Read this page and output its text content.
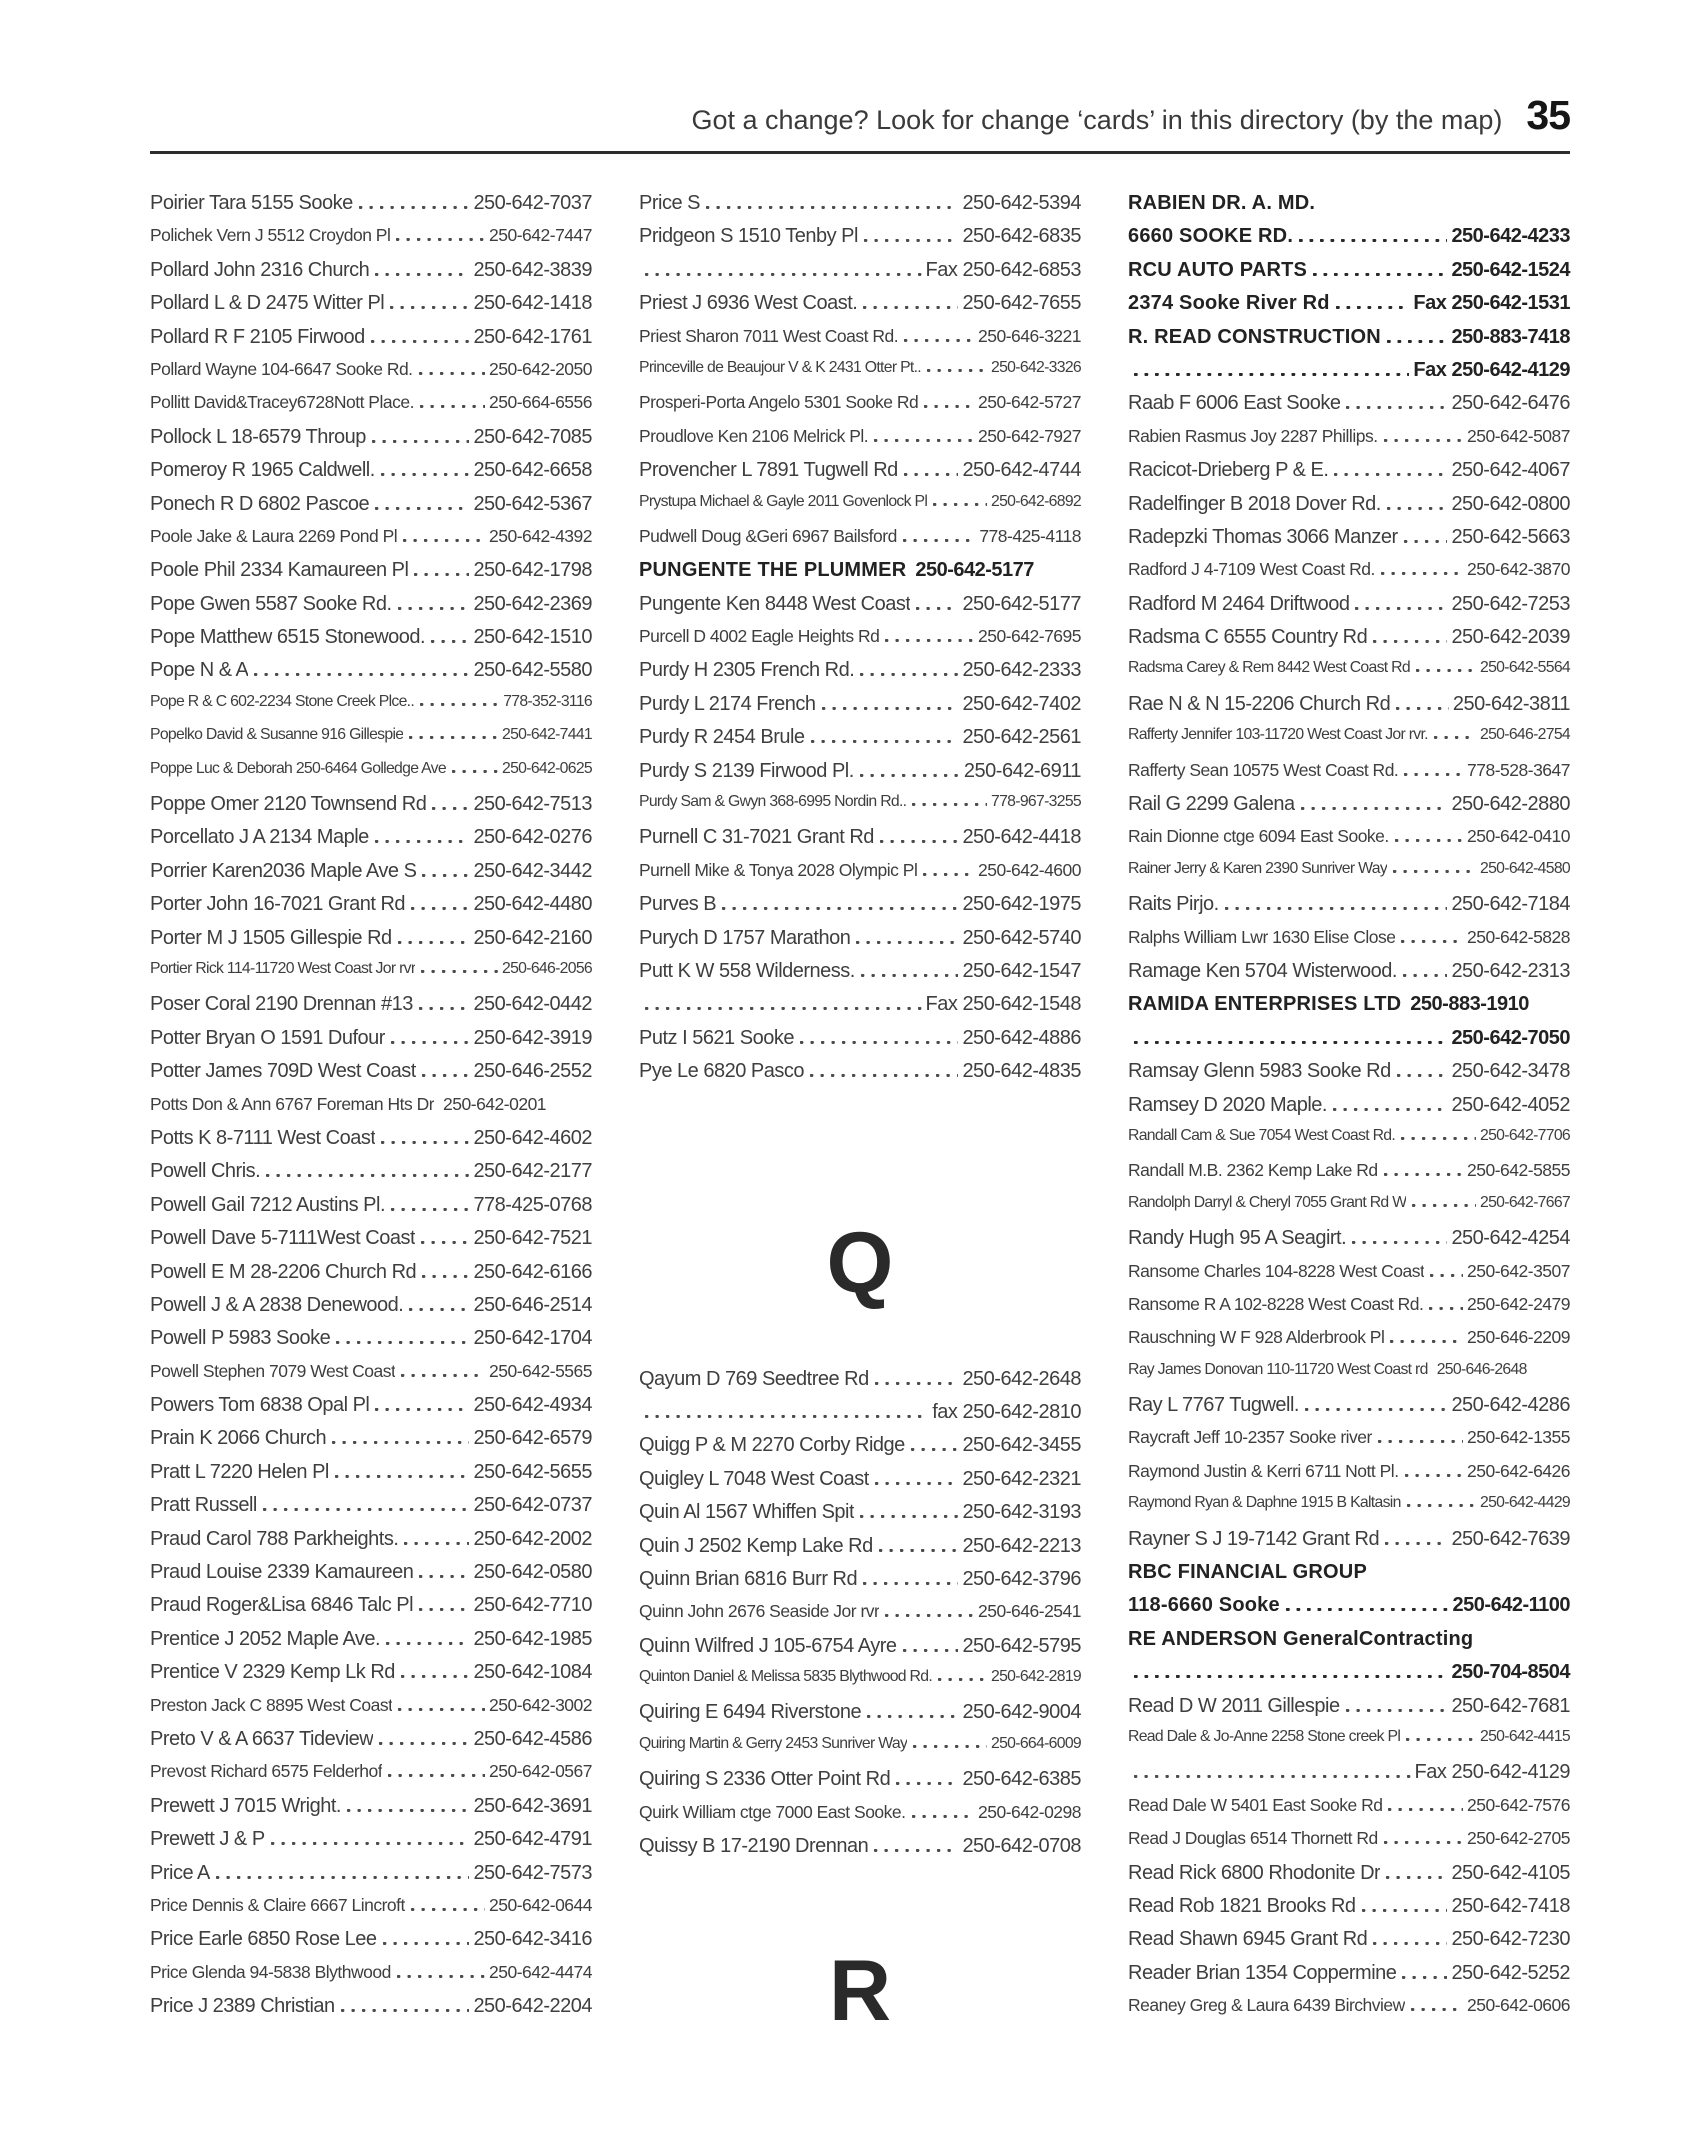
Got a change? Look for change ‘cards’ in this directory (by the map) 35
Poirier Tara 5155 Sooke	250-642-7037
Polichek Vern J 5512 Croydon Pl	250-642-7447
Pollard John 2316 Church	250-642-3839
Pollard L & D 2475 Witter Pl	250-642-1418
Pollard R F 2105 Firwood	250-642-1761
Pollard Wayne 104-6647 Sooke Rd.	250-642-2050
Pollitt David&Tracey6728Nott Place.	250-664-6556
Pollock L 18-6579 Throup	250-642-7085
Pomeroy R 1965 Caldwell.	250-642-6658
Ponech R D 6802 Pascoe	250-642-5367
Poole Jake & Laura 2269 Pond Pl	250-642-4392
Poole Phil 2334 Kamaureen Pl	250-642-1798
Pope Gwen 5587 Sooke Rd.	250-642-2369
Pope Matthew 6515 Stonewood. 250-642-1510
Pope N & A	250-642-5580
Pope R & C 602-2234 Stone Creek Plce..	778-352-3116
Popelko David & Susanne 916 Gillespie	250-642-7441
Poppe Luc & Deborah 250-6464 Golledge Ave	250-642-0625
Poppe Omer 2120 Townsend Rd 250-642-7513
Porcellato J A 2134 Maple	250-642-0276
Porrier Karen2036 Maple Ave S	250-642-3442
Porter John 16-7021 Grant Rd	250-642-4480
Porter M J 1505 Gillespie Rd	250-642-2160
Portier Rick 114-11720 West Coast Jor rvr	250-646-2056
Poser Coral 2190 Drennan #13	250-642-0442
Potter Bryan O 1591 Dufour	250-642-3919
Potter James 709D West Coast	250-646-2552
Potts Don & Ann 6767 Foreman Hts Dr 250-642-0201
Potts K 8-7111 West Coast	250-642-4602
Powell Chris.	250-642-2177
Powell Gail 7212 Austins Pl.	778-425-0768
Powell Dave 5-7111West Coast	250-642-7521
Powell E M 28-2206 Church Rd	250-642-6166
Powell J & A 2838 Denewood.	250-646-2514
Powell P 5983 Sooke	250-642-1704
Powell Stephen 7079 West Coast	250-642-5565
Powers Tom 6838 Opal Pl	250-642-4934
Prain K 2066 Church	250-642-6579
Pratt L 7220 Helen Pl	250-642-5655
Pratt Russell	250-642-0737
Praud Carol 788 Parkheights.	250-642-2002
Praud Louise 2339 Kamaureen	250-642-0580
Praud Roger&Lisa 6846 Talc Pl	250-642-7710
Prentice J 2052 Maple Ave.	250-642-1985
Prentice V 2329 Kemp Lk Rd	250-642-1084
Preston Jack C 8895 West Coast	250-642-3002
Preto V & A 6637 Tideview	250-642-4586
Prevost Richard 6575 Felderhof	250-642-0567
Prewett J 7015 Wright.	250-642-3691
Prewett J & P	250-642-4791
Price A	250-642-7573
Price Dennis & Claire 6667 Lincroft	250-642-0644
Price Earle 6850 Rose Lee	250-642-3416
Price Glenda 94-5838 Blythwood	250-642-4474
Price J 2389 Christian	250-642-2204
Price S	250-642-5394
Pridgeon S 1510 Tenby Pl	250-642-6835
Fax 250-642-6853
Priest J 6936 West Coast.	250-642-7655
Priest Sharon 7011 West Coast Rd.	250-646-3221
Princeville de Beaujour V & K 2431 Otter Pt..	250-642-3326
Prosperi-Porta Angelo 5301 Sooke Rd	250-642-5727
Proudlove Ken 2106 Melrick Pl.	250-642-7927
Provencher L 7891 Tugwell Rd	250-642-4744
Prystupa Michael & Gayle 2011 Govenlock Pl	250-642-6892
Pudwell Doug &Geri 6967 Bailsford	778-425-4118
PUNGENTE THE PLUMMER 250-642-5177
Pungente Ken 8448 West Coast	250-642-5177
Purcell D 4002 Eagle Heights Rd	250-642-7695
Purdy H 2305 French Rd.	250-642-2333
Purdy L 2174 French	250-642-7402
Purdy R 2454 Brule	250-642-2561
Purdy S 2139 Firwood Pl.	250-642-6911
Purdy Sam & Gwyn 368-6995 Nordin Rd..	778-967-3255
Purnell C 31-7021 Grant Rd	250-642-4418
Purnell Mike & Tonya 2028 Olympic Pl	250-642-4600
Purves B	250-642-1975
Purych D 1757 Marathon	250-642-5740
Putt K W 558 Wilderness.	250-642-1547
Fax 250-642-1548
Putz I 5621 Sooke	250-642-4886
Pye Le 6820 Pasco	250-642-4835
Q
Qayum D 769 Seedtree Rd	250-642-2648
fax 250-642-2810
Quigg P & M 2270 Corby Ridge	250-642-3455
Quigley L 7048 West Coast	250-642-2321
Quin Al 1567 Whiffen Spit	250-642-3193
Quin J 2502 Kemp Lake Rd	250-642-2213
Quinn Brian 6816 Burr Rd	250-642-3796
Quinn John 2676 Seaside Jor rvr	250-646-2541
Quinn Wilfred J 105-6754 Ayre	250-642-5795
Quinton Daniel & Melissa 5835 Blythwood Rd.	250-642-2819
Quiring E 6494 Riverstone	250-642-9004
Quiring Martin & Gerry 2453 Sunriver Way	250-664-6009
Quiring S 2336 Otter Point Rd	250-642-6385
Quirk William ctge 7000 East Sooke.	250-642-0298
Quissy B 17-2190 Drennan	250-642-0708
R
RABIEN DR. A. MD.
6660 SOOKE RD.	250-642-4233
RCU AUTO PARTS	250-642-1524
2374 Sooke River Rd	Fax 250-642-1531
R. READ CONSTRUCTION	250-883-7418
Fax 250-642-4129
Raab F 6006 East Sooke	250-642-6476
Rabien Rasmus Joy 2287 Phillips.	250-642-5087
Racicot-Drieberg P & E.	250-642-4067
Radelfinger B 2018 Dover Rd.	250-642-0800
Radepzki Thomas 3066 Manzer	250-642-5663
Radford J 4-7109 West Coast Rd.	250-642-3870
Radford M 2464 Driftwood	250-642-7253
Radsma C 6555 Country Rd	250-642-2039
Radsma Carey & Rem 8442 West Coast Rd	250-642-5564
Rae N & N 15-2206 Church Rd	250-642-3811
Rafferty Jennifer 103-11720 West Coast Jor rvr.	250-646-2754
Rafferty Sean 10575 West Coast Rd.	778-528-3647
Rail G 2299 Galena	250-642-2880
Rain Dionne ctge 6094 East Sooke.	250-642-0410
Rainer Jerry & Karen 2390 Sunriver Way	250-642-4580
Raits Pirjo.	250-642-7184
Ralphs William Lwr 1630 Elise Close	250-642-5828
Ramage Ken 5704 Wisterwood.	250-642-2313
RAMIDA ENTERPRISES LTD 250-883-1910
250-642-7050
Ramsay Glenn 5983 Sooke Rd	250-642-3478
Ramsey D 2020 Maple.	250-642-4052
Randall Cam & Sue 7054 West Coast Rd.	250-642-7706
Randall M.B. 2362 Kemp Lake Rd	250-642-5855
Randolph Darryl & Cheryl 7055 Grant Rd W	250-642-7667
Randy Hugh 95 A Seagirt.	250-642-4254
Ransome Charles 104-8228 West Coast 250-642-3507
Ransome R A 102-8228 West Coast Rd. 250-642-2479
Rauschning W F 928 Alderbrook Pl	250-646-2209
Ray James Donovan 110-11720 West Coast rd 250-646-2648
Ray L 7767 Tugwell.	250-642-4286
Raycraft Jeff 10-2357 Sooke river	250-642-1355
Raymond Justin & Kerri 6711 Nott Pl.	250-642-6426
Raymond Ryan & Daphne 1915 B Kaltasin	250-642-4429
Rayner S J 19-7142 Grant Rd	250-642-7639
RBC FINANCIAL GROUP
118-6660 Sooke	250-642-1100
RE ANDERSON GeneralContracting
250-704-8504
Read D W 2011 Gillespie	250-642-7681
Read Dale & Jo-Anne 2258 Stone creek Pl	250-642-4415
Fax 250-642-4129
Read Dale W 5401 East Sooke Rd	250-642-7576
Read J Douglas 6514 Thornett Rd	250-642-2705
Read Rick 6800 Rhodonite Dr	250-642-4105
Read Rob 1821 Brooks Rd	250-642-7418
Read Shawn 6945 Grant Rd	250-642-7230
Reader Brian 1354 Coppermine	250-642-5252
Reaney Greg & Laura 6439 Birchview	250-642-0606
